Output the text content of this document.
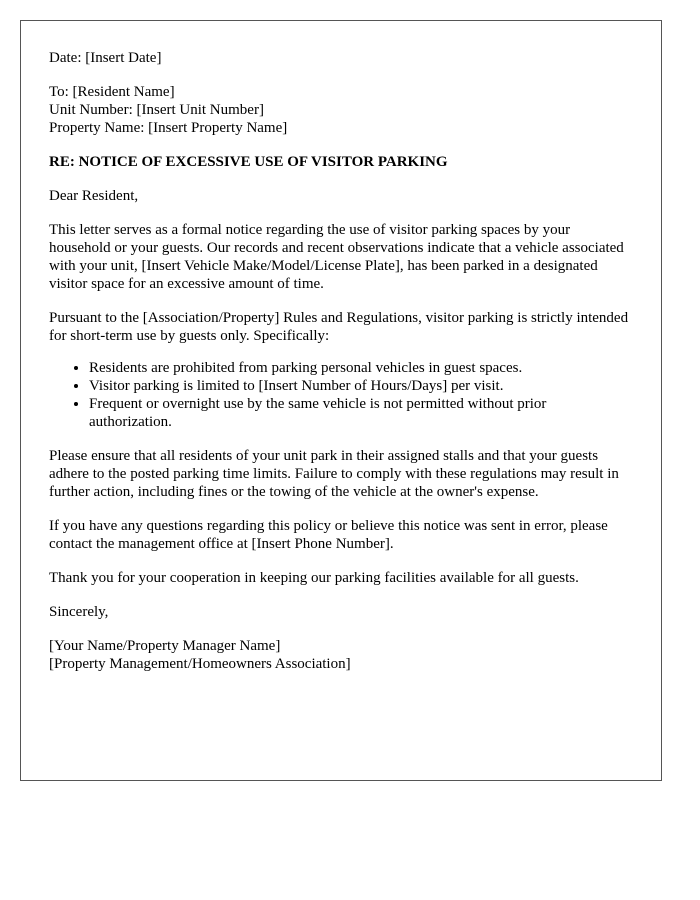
Date: [Insert Date]

To: [Resident Name]
Unit Number: [Insert Unit Number]
Property Name: [Insert Property Name]

RE: NOTICE OF EXCESSIVE USE OF VISITOR PARKING

Dear Resident,

This letter serves as a formal notice regarding the use of visitor parking spaces by your household or your guests. Our records and recent observations indicate that a vehicle associated with your unit, [Insert Vehicle Make/Model/License Plate], has been parked in a designated visitor space for an excessive amount of time.

Pursuant to the [Association/Property] Rules and Regulations, visitor parking is strictly intended for short-term use by guests only. Specifically:

• Residents are prohibited from parking personal vehicles in guest spaces.
• Visitor parking is limited to [Insert Number of Hours/Days] per visit.
• Frequent or overnight use by the same vehicle is not permitted without prior authorization.

Please ensure that all residents of your unit park in their assigned stalls and that your guests adhere to the posted parking time limits. Failure to comply with these regulations may result in further action, including fines or the towing of the vehicle at the owner's expense.

If you have any questions regarding this policy or believe this notice was sent in error, please contact the management office at [Insert Phone Number].

Thank you for your cooperation in keeping our parking facilities available for all guests.

Sincerely,

[Your Name/Property Manager Name]
[Property Management/Homeowners Association]
